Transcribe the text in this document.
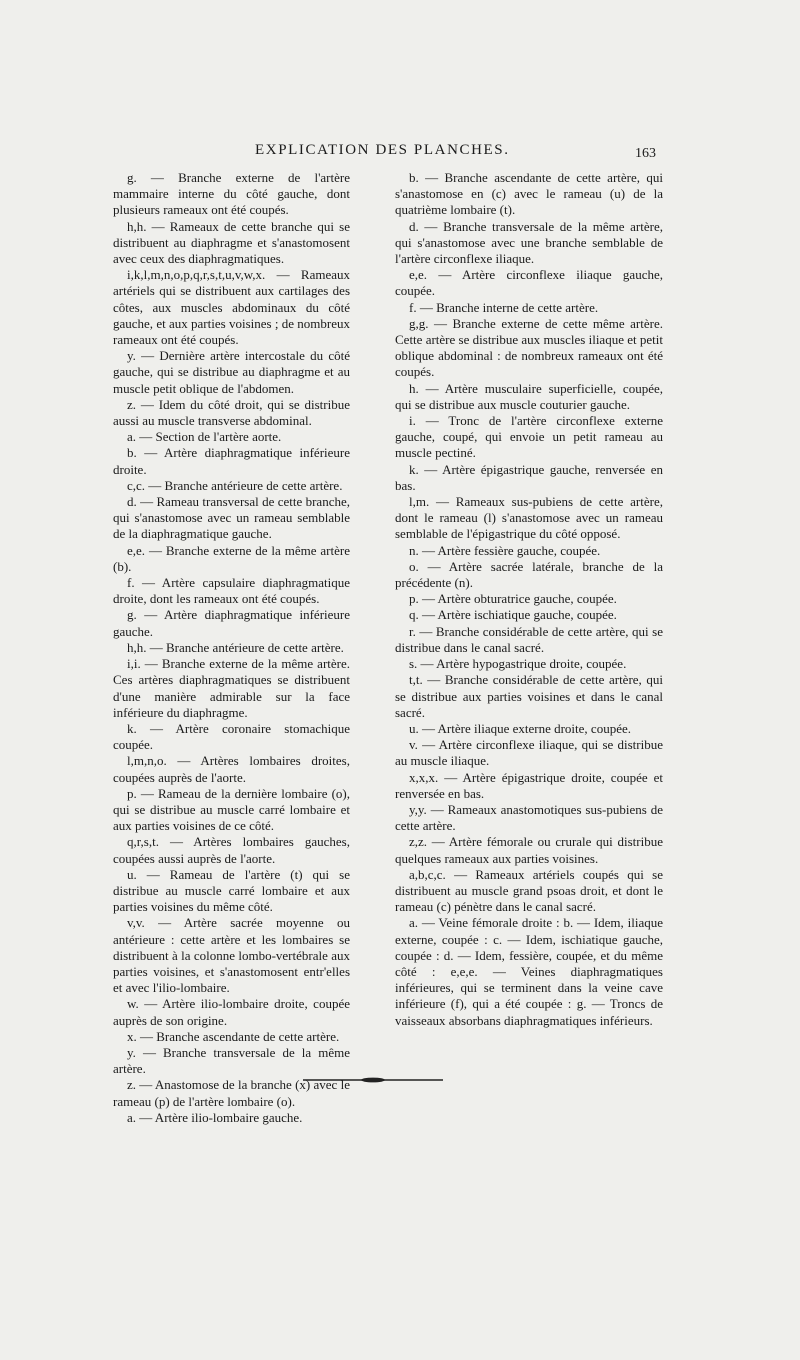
EXPLICATION DES PLANCHES.	163

g. — Branche externe de l'artère mammaire interne du côté gauche, dont plusieurs rameaux ont été coupés.

h,h. — Rameaux de cette branche qui se distribuent au diaphragme et s'anastomosent avec ceux des diaphragmatiques.

i,k,l,m,n,o,p,q,r,s,t,u,v,w,x. — Rameaux artériels qui se distribuent aux cartilages des côtes, aux muscles abdominaux du côté gauche, et aux parties voisines ; de nombreux rameaux ont été coupés.

y. — Dernière artère intercostale du côté gauche, qui se distribue au diaphragme et au muscle petit oblique de l'abdomen.

z. — Idem du côté droit, qui se distribue aussi au muscle transverse abdominal.

a. — Section de l'artère aorte.

b. — Artère diaphragmatique inférieure droite.

c,c. — Branche antérieure de cette artère.

d. — Rameau transversal de cette branche, qui s'anastomose avec un rameau semblable de la diaphragmatique gauche.

e,e. — Branche externe de la même artère (b).

f. — Artère capsulaire diaphragmatique droite, dont les rameaux ont été coupés.

g. — Artère diaphragmatique inférieure gauche.

h,h. — Branche antérieure de cette artère.

i,i. — Branche externe de la même artère. Ces artères diaphragmatiques se distribuent d'une manière admirable sur la face inférieure du diaphragme.

k. — Artère coronaire stomachique coupée.

l,m,n,o. — Artères lombaires droites, coupées auprès de l'aorte.

p. — Rameau de la dernière lombaire (o), qui se distribue au muscle carré lombaire et aux parties voisines de ce côté.

q,r,s,t. — Artères lombaires gauches, coupées aussi auprès de l'aorte.

u. — Rameau de l'artère (t) qui se distribue au muscle carré lombaire et aux parties voisines du même côté.

v,v. — Artère sacrée moyenne ou antérieure : cette artère et les lombaires se distribuent à la colonne lombo-vertébrale aux parties voisines, et s'anastomosent entr'elles et avec l'ilio-lombaire.

w. — Artère ilio-lombaire droite, coupée auprès de son origine.

x. — Branche ascendante de cette artère.

y. — Branche transversale de la même artère.

z. — Anastomose de la branche (x) avec le rameau (p) de l'artère lombaire (o).

a. — Artère ilio-lombaire gauche.

b. — Branche ascendante de cette artère, qui s'anastomose en (c) avec le rameau (u) de la quatrième lombaire (t).

d. — Branche transversale de la même artère, qui s'anastomose avec une branche semblable de l'artère circonflexe iliaque.

e,e. — Artère circonflexe iliaque gauche, coupée.

f. — Branche interne de cette artère.

g,g. — Branche externe de cette même artère. Cette artère se distribue aux muscles iliaque et petit oblique abdominal : de nombreux rameaux ont été coupés.

h. — Artère musculaire superficielle, coupée, qui se distribue aux muscle couturier gauche.

i. — Tronc de l'artère circonflexe externe gauche, coupé, qui envoie un petit rameau au muscle pectiné.

k. — Artère épigastrique gauche, renversée en bas.

l,m. — Rameaux sus-pubiens de cette artère, dont le rameau (l) s'anastomose avec un rameau semblable de l'épigastrique du côté opposé.

n. — Artère fessière gauche, coupée.

o. — Artère sacrée latérale, branche de la précédente (n).

p. — Artère obturatrice gauche, coupée.

q. — Artère ischiatique gauche, coupée.

r. — Branche considérable de cette artère, qui se distribue dans le canal sacré.

s. — Artère hypogastrique droite, coupée.

t,t. — Branche considérable de cette artère, qui se distribue aux parties voisines et dans le canal sacré.

u. — Artère iliaque externe droite, coupée.

v. — Artère circonflexe iliaque, qui se distribue au muscle iliaque.

x,x,x. — Artère épigastrique droite, coupée et renversée en bas.

y,y. — Rameaux anastomotiques sus-pubiens de cette artère.

z,z. — Artère fémorale ou crurale qui distribue quelques rameaux aux parties voisines.

a,b,c,c. — Rameaux artériels coupés qui se distribuent au muscle grand psoas droit, et dont le rameau (c) pénètre dans le canal sacré.

a. — Veine fémorale droite : b. — Idem, iliaque externe, coupée : c. — Idem, ischiatique gauche, coupée : d. — Idem, fessière, coupée, et du même côté : e,e,e. — Veines diaphragmatiques inférieures, qui se terminent dans la veine cave inférieure (f), qui a été coupée : g. — Troncs de vaisseaux absorbans diaphragmatiques inférieurs.
